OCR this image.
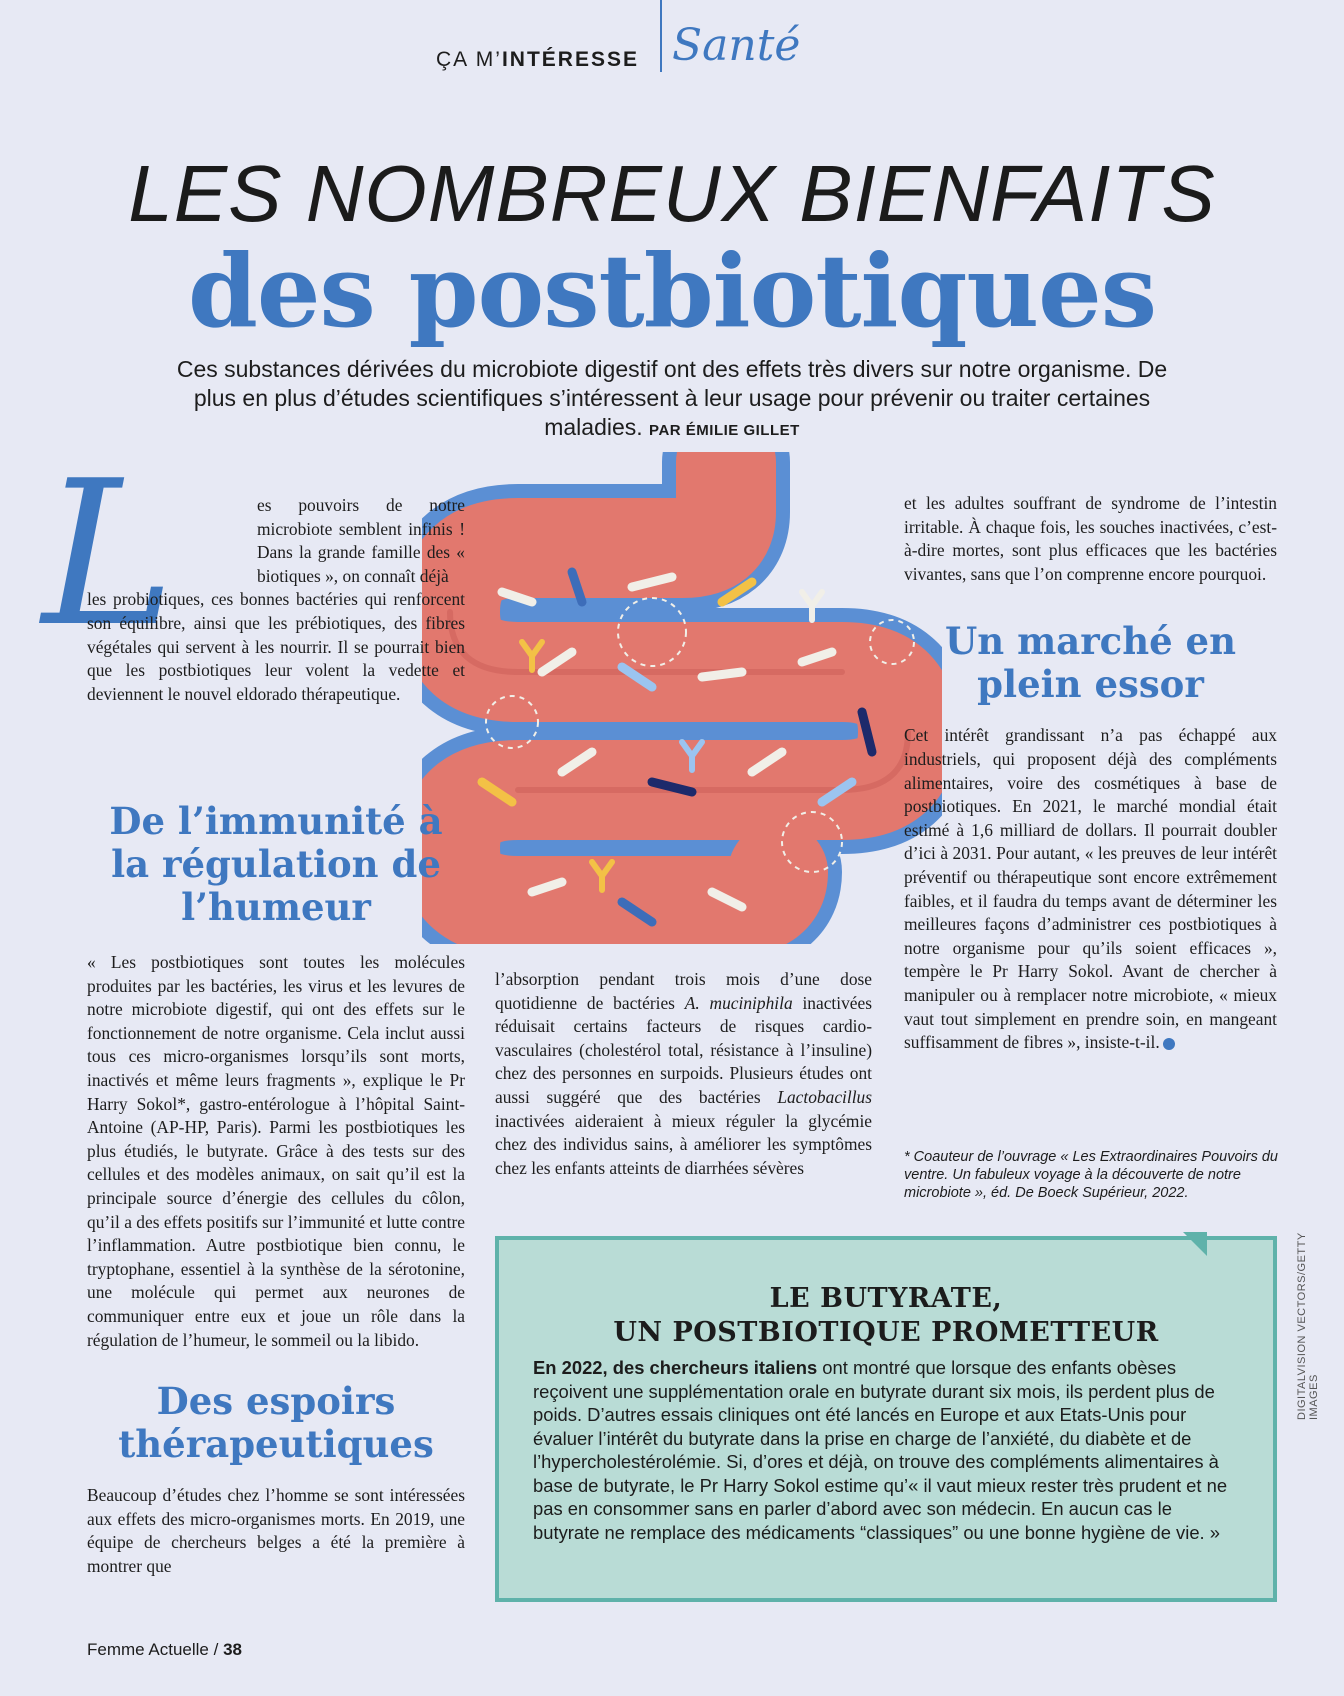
ÇA M’INTÉRESSE Santé
LES NOMBREUX BIENFAITS
des postbiotiques
Ces substances dérivées du microbiote digestif ont des effets très divers sur notre organisme. De plus en plus d’études scientifiques s’intéressent à leur usage pour prévenir ou traiter certaines maladies. PAR ÉMILIE GILLET
L	es pouvoirs de notre microbiote semblent infinis ! Dans la grande famille des « biotiques », on connaît déjà

les probiotiques, ces bonnes bactéries qui renforcent son équilibre, ainsi que les prébiotiques, des fibres végétales qui servent à les nourrir. Il se pourrait bien que les postbiotiques leur volent la vedette et deviennent le nouvel eldorado thérapeutique.

De l’immunité à la régulation de l’humeur

« Les postbiotiques sont toutes les molécules produites par les bactéries, les virus et les levures de notre microbiote digestif, qui ont des effets sur le fonctionnement de notre organisme. Cela inclut aussi tous ces micro-organismes lorsqu’ils sont morts, inactivés et même leurs fragments », explique le Pr Harry Sokol*, gastro-entérologue à l’hôpital Saint-Antoine (AP-HP, Paris). Parmi les postbiotiques les plus étudiés, le butyrate. Grâce à des tests sur des cellules et des modèles animaux, on sait qu’il est la principale source d’énergie des cellules du côlon, qu’il a des effets positifs sur l’immunité et lutte contre l’inflammation. Autre postbiotique bien connu, le tryptophane, essentiel à la synthèse de la sérotonine, une molécule qui permet aux neurones de communiquer entre eux et joue un rôle dans la régulation de l’humeur, le sommeil ou la libido.

Des espoirs thérapeutiques

Beaucoup d’études chez l’homme se sont intéressées aux effets des micro-organismes morts. En 2019, une équipe de chercheurs belges a été la première à montrer que

l’absorption pendant trois mois d’une dose quotidienne de bactéries A. muciniphila inactivées réduisait certains facteurs de risques cardio-vasculaires (cholestérol total, résistance à l’insuline) chez des personnes en surpoids. Plusieurs études ont aussi suggéré que des bactéries Lactobacillus inactivées aideraient à mieux réguler la glycémie chez des individus sains, à améliorer les symptômes chez les enfants atteints de diarrhées sévères

et les adultes souffrant de syndrome de l’intestin irritable. À chaque fois, les souches inactivées, c’est-à-dire mortes, sont plus efficaces que les bactéries vivantes, sans que l’on comprenne encore pourquoi.

Un marché en plein essor

Cet intérêt grandissant n’a pas échappé aux industriels, qui proposent déjà des compléments alimentaires, voire des cosmétiques à base de postbiotiques. En 2021, le marché mondial était estimé à 1,6 milliard de dollars. Il pourrait doubler d’ici à 2031. Pour autant, « les preuves de leur intérêt préventif ou thérapeutique sont encore extrêmement faibles, et il faudra du temps avant de déterminer les meilleures façons d’administrer ces postbiotiques à notre organisme pour qu’ils soient efficaces », tempère le Pr Harry Sokol. Avant de chercher à manipuler ou à remplacer notre microbiote, « mieux vaut tout simplement en prendre soin, en mangeant suffisamment de fibres », insiste-t-il.

* Coauteur de l’ouvrage « Les Extraordinaires Pouvoirs du ventre. Un fabuleux voyage à la découverte de notre microbiote », éd. De Boeck Supérieur, 2022.
LE BUTYRATE,
UN POSTBIOTIQUE PROMETTEUR
En 2022, des chercheurs italiens ont montré que lorsque des enfants obèses reçoivent une supplémentation orale en butyrate durant six mois, ils perdent plus de poids. D’autres essais cliniques ont été lancés en Europe et aux Etats-Unis pour évaluer l’intérêt du butyrate dans la prise en charge de l’anxiété, du diabète et de l’hypercholestérolémie. Si, d’ores et déjà, on trouve des compléments alimentaires à base de butyrate, le Pr Harry Sokol estime qu’« il vaut mieux rester très prudent et ne pas en consommer sans en parler d’abord avec son médecin. En aucun cas le butyrate ne remplace des médicaments “classiques” ou une bonne hygiène de vie. »
DIGITALVISION VECTORS/GETTY IMAGES
Femme Actuelle / 38
